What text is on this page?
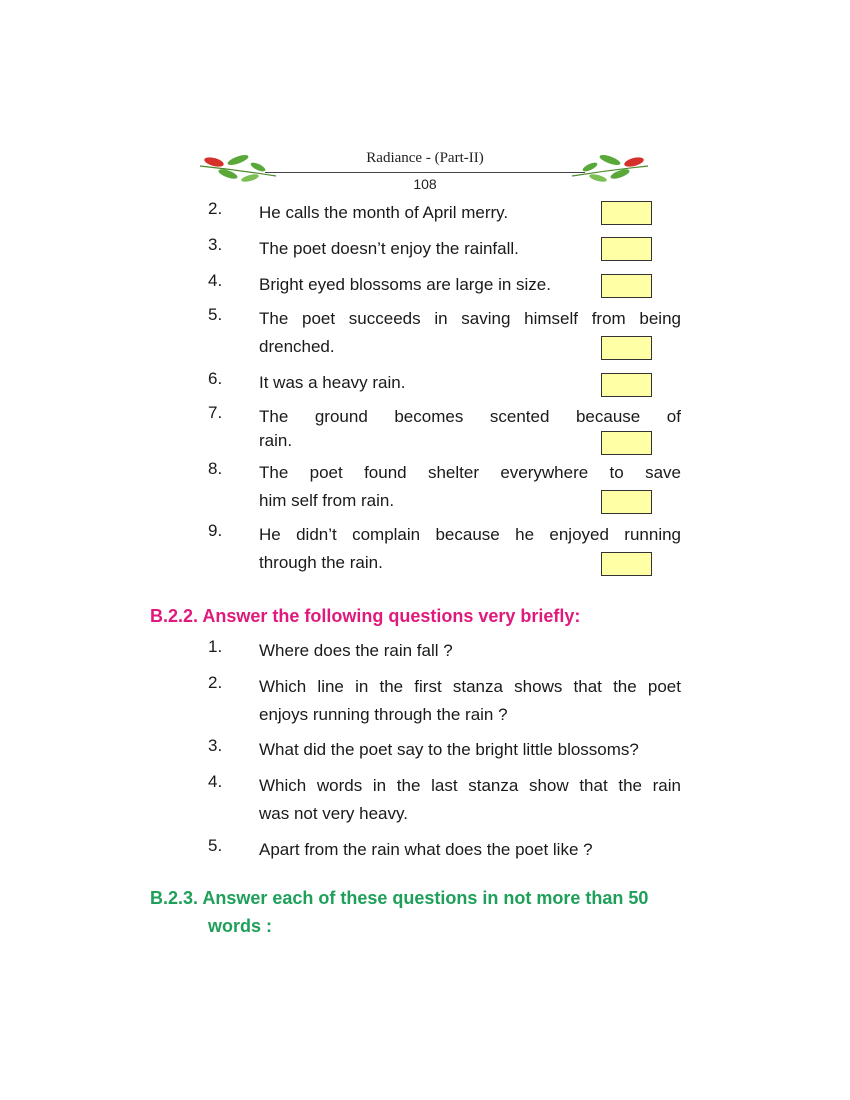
Radiance - (Part-II)
108
2. He calls the month of April merry.
3. The poet doesn’t enjoy the rainfall.
4. Bright eyed blossoms are large in size.
5. The poet succeeds in saving himself from being
drenched.
6. It was a heavy rain.
7. The ground becomes scented because of
rain.
8. The poet found shelter everywhere to save
him self from rain.
9. He didn’t complain because he enjoyed running
through the rain.
B.2.2. Answer the following questions very briefly:
1. Where does the rain fall ?
2. Which line in the first stanza shows that the poet
enjoys running through the rain ?
3. What did the poet say to the bright little blossoms?
4. Which words in the last stanza show that the rain
was not very heavy.
5. Apart from the rain what does the poet like ?
B.2.3. Answer each of these questions in not more than 50
words :
